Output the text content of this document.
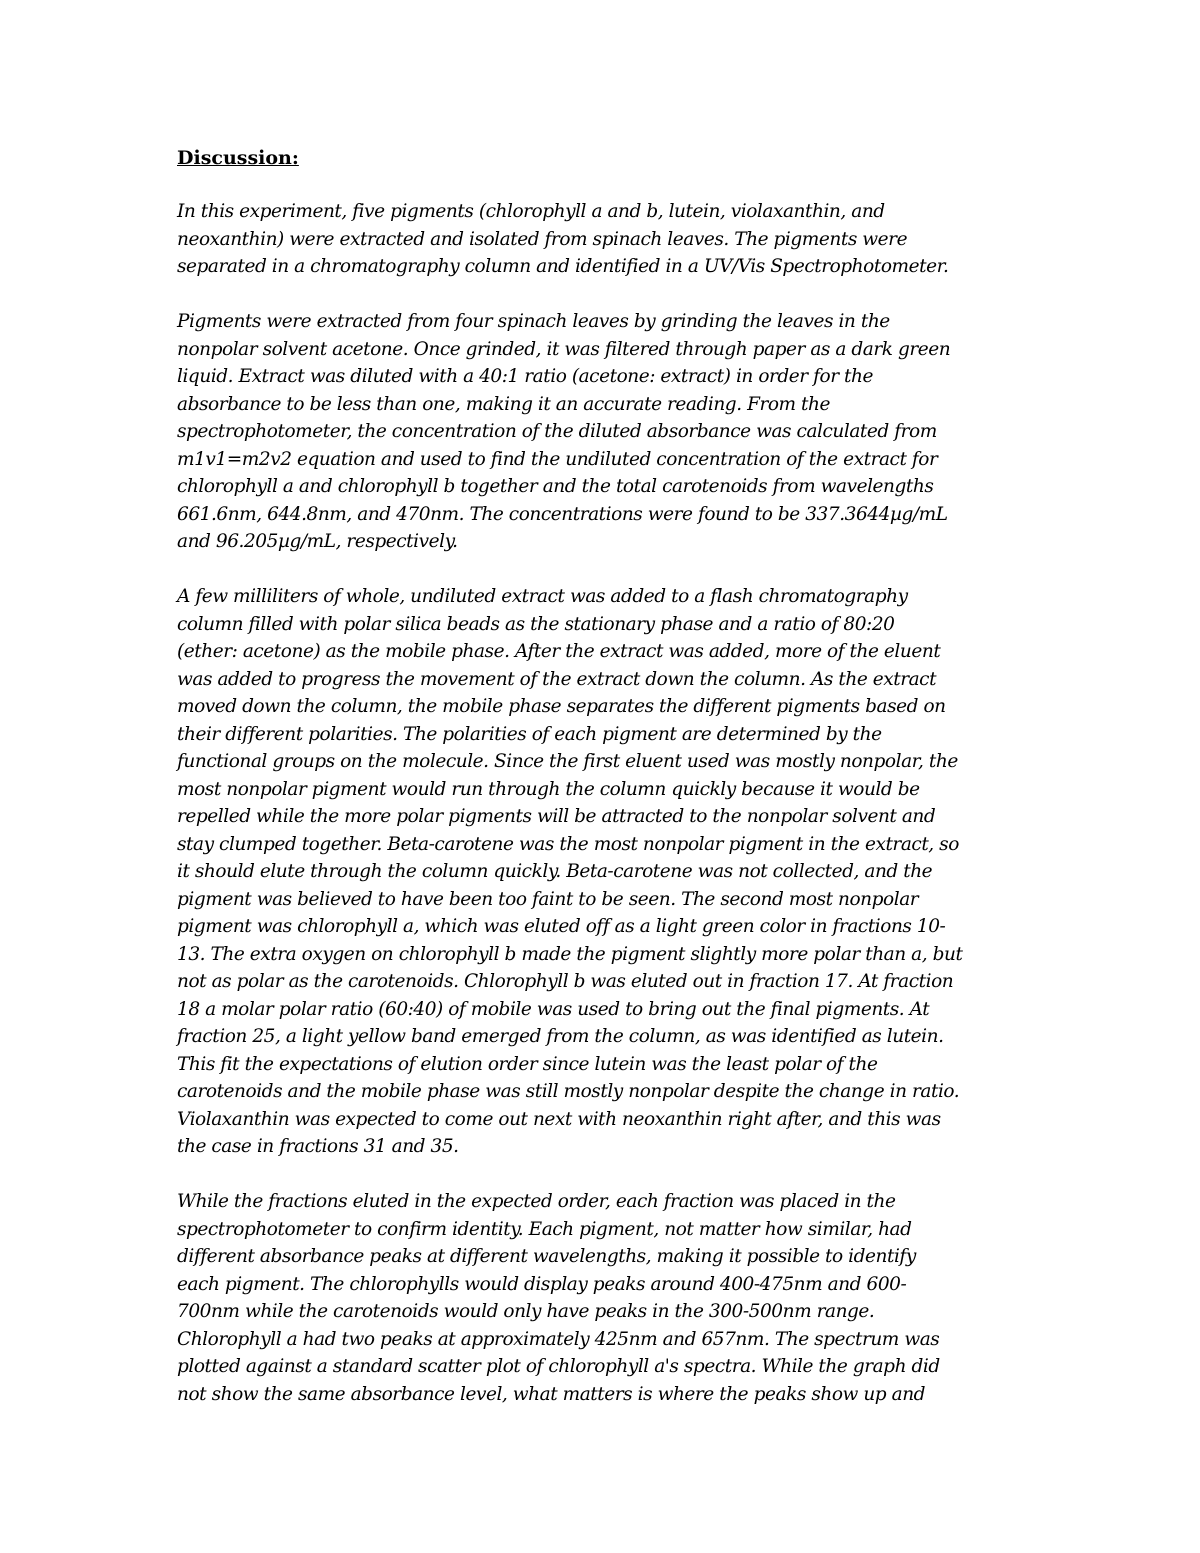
Discussion:
In this experiment, five pigments (chlorophyll a and b, lutein, violaxanthin, and
neoxanthin) were extracted and isolated from spinach leaves. The pigments were
separated in a chromatography column and identified in a UV/Vis Spectrophotometer.
Pigments were extracted from four spinach leaves by grinding the leaves in the
nonpolar solvent acetone. Once grinded, it was filtered through paper as a dark green
liquid. Extract was diluted with a 40:1 ratio (acetone: extract) in order for the
absorbance to be less than one, making it an accurate reading. From the
spectrophotometer, the concentration of the diluted absorbance was calculated from
m1v1=m2v2 equation and used to find the undiluted concentration of the extract for
chlorophyll a and chlorophyll b together and the total carotenoids from wavelengths
661.6nm, 644.8nm, and 470nm. The concentrations were found to be 337.3644µg/mL
and 96.205µg/mL, respectively.
A few milliliters of whole, undiluted extract was added to a flash chromatography
column filled with polar silica beads as the stationary phase and a ratio of 80:20
(ether: acetone) as the mobile phase. After the extract was added, more of the eluent
was added to progress the movement of the extract down the column. As the extract
moved down the column, the mobile phase separates the different pigments based on
their different polarities. The polarities of each pigment are determined by the
functional groups on the molecule. Since the first eluent used was mostly nonpolar, the
most nonpolar pigment would run through the column quickly because it would be
repelled while the more polar pigments will be attracted to the nonpolar solvent and
stay clumped together. Beta-carotene was the most nonpolar pigment in the extract, so
it should elute through the column quickly. Beta-carotene was not collected, and the
pigment was believed to have been too faint to be seen. The second most nonpolar
pigment was chlorophyll a, which was eluted off as a light green color in fractions 10-
13. The extra oxygen on chlorophyll b made the pigment slightly more polar than a, but
not as polar as the carotenoids. Chlorophyll b was eluted out in fraction 17. At fraction
18 a molar polar ratio (60:40) of mobile was used to bring out the final pigments. At
fraction 25, a light yellow band emerged from the column, as was identified as lutein.
This fit the expectations of elution order since lutein was the least polar of the
carotenoids and the mobile phase was still mostly nonpolar despite the change in ratio.
Violaxanthin was expected to come out next with neoxanthin right after, and this was
the case in fractions 31 and 35.
While the fractions eluted in the expected order, each fraction was placed in the
spectrophotometer to confirm identity. Each pigment, not matter how similar, had
different absorbance peaks at different wavelengths, making it possible to identify
each pigment. The chlorophylls would display peaks around 400-475nm and 600-
700nm while the carotenoids would only have peaks in the 300-500nm range.
Chlorophyll a had two peaks at approximately 425nm and 657nm. The spectrum was
plotted against a standard scatter plot of chlorophyll a's spectra. While the graph did
not show the same absorbance level, what matters is where the peaks show up and
